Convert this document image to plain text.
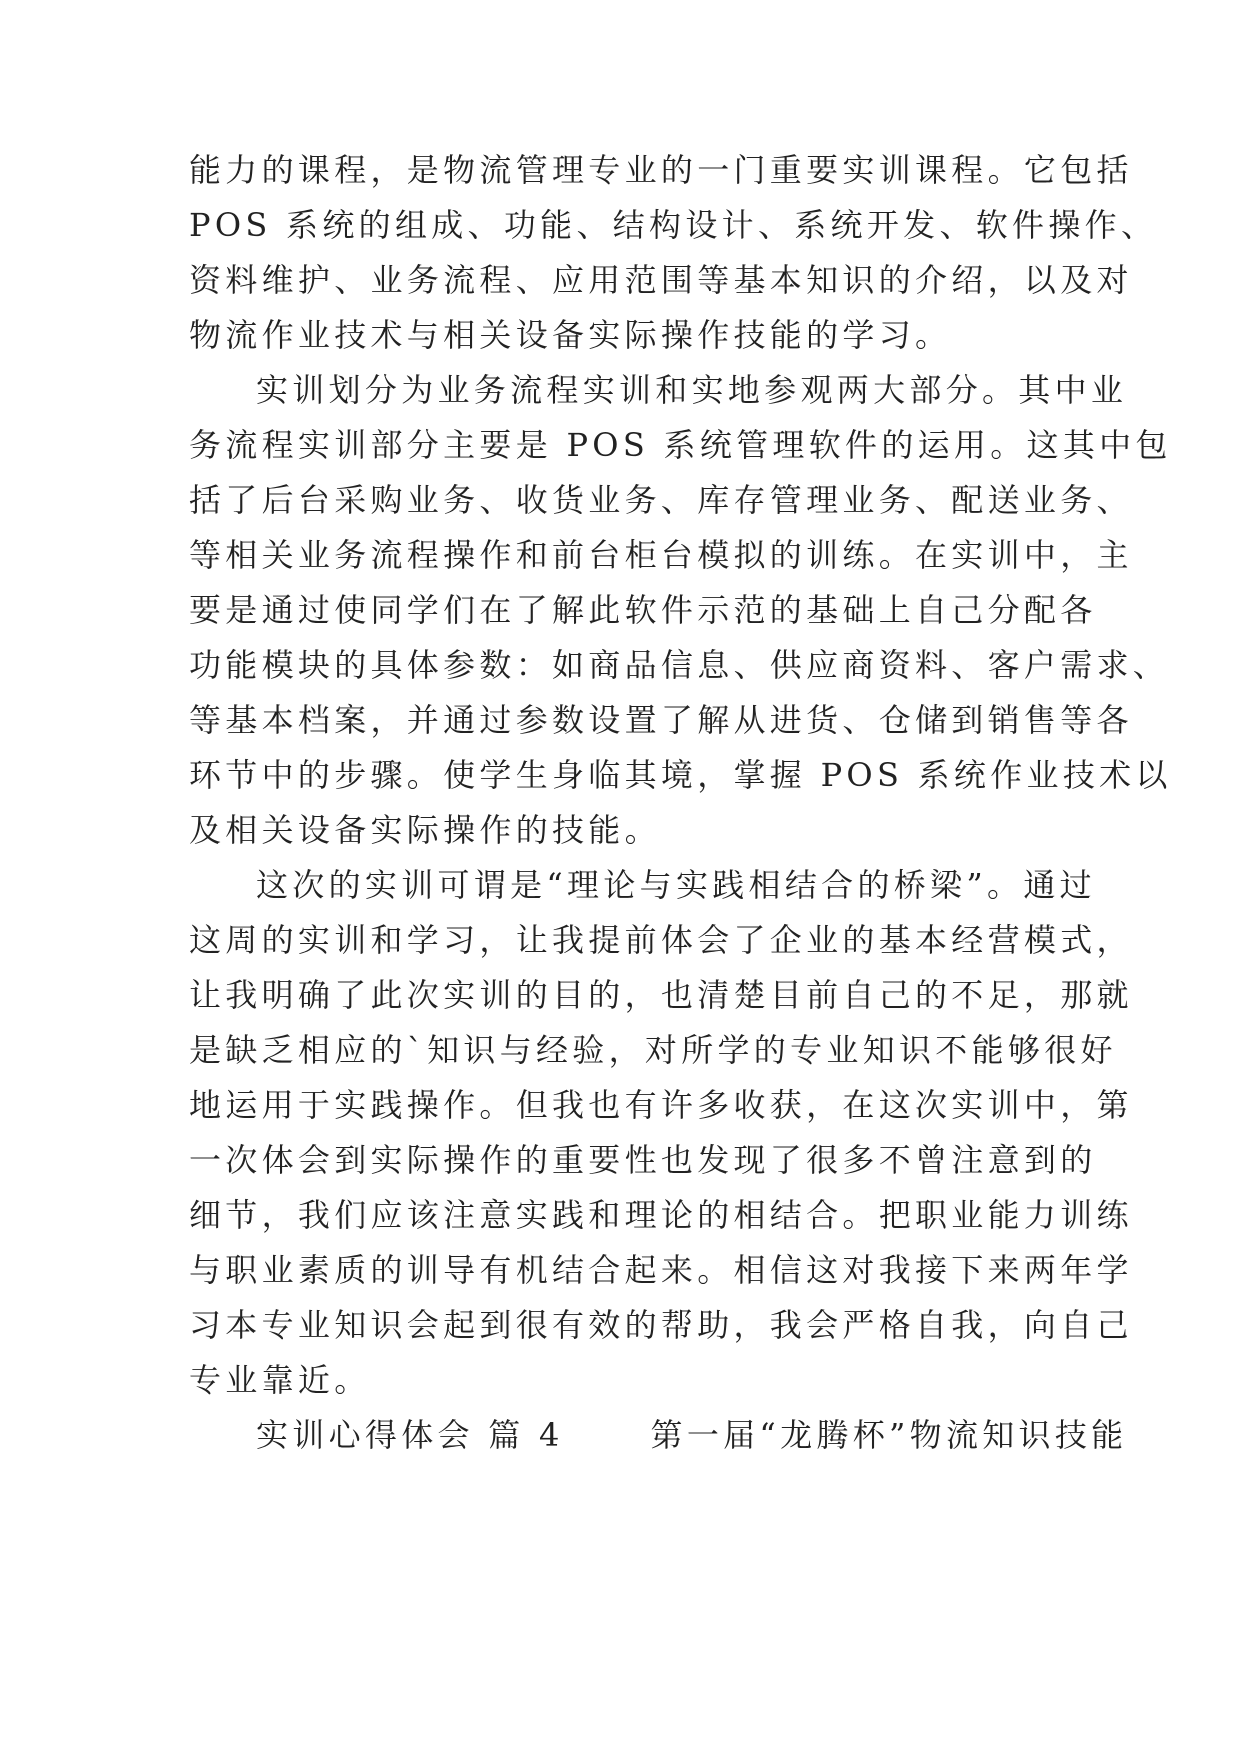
能力的课程，是物流管理专业的一门重要实训课程。它包括
POS 系统的组成、功能、结构设计、系统开发、软件操作、
资料维护、业务流程、应用范围等基本知识的介绍，以及对
物流作业技术与相关设备实际操作技能的学习。
实训划分为业务流程实训和实地参观两大部分。其中业
务流程实训部分主要是 POS 系统管理软件的运用。这其中包
括了后台采购业务、收货业务、库存管理业务、配送业务、
等相关业务流程操作和前台柜台模拟的训练。在实训中，主
要是通过使同学们在了解此软件示范的基础上自己分配各
功能模块的具体参数：如商品信息、供应商资料、客户需求、
等基本档案，并通过参数设置了解从进货、仓储到销售等各
环节中的步骤。使学生身临其境，掌握 POS 系统作业技术以
及相关设备实际操作的技能。
这次的实训可谓是“理论与实践相结合的桥梁”。通过
这周的实训和学习，让我提前体会了企业的基本经营模式，
让我明确了此次实训的目的，也清楚目前自己的不足，那就
是缺乏相应的`知识与经验，对所学的专业知识不能够很好
地运用于实践操作。但我也有许多收获，在这次实训中，第
一次体会到实际操作的重要性也发现了很多不曾注意到的
细节，我们应该注意实践和理论的相结合。把职业能力训练
与职业素质的训导有机结合起来。相信这对我接下来两年学
习本专业知识会起到很有效的帮助，我会严格自我，向自己
专业靠近。
实训心得体会 篇 4      第一届“龙腾杯”物流知识技能
